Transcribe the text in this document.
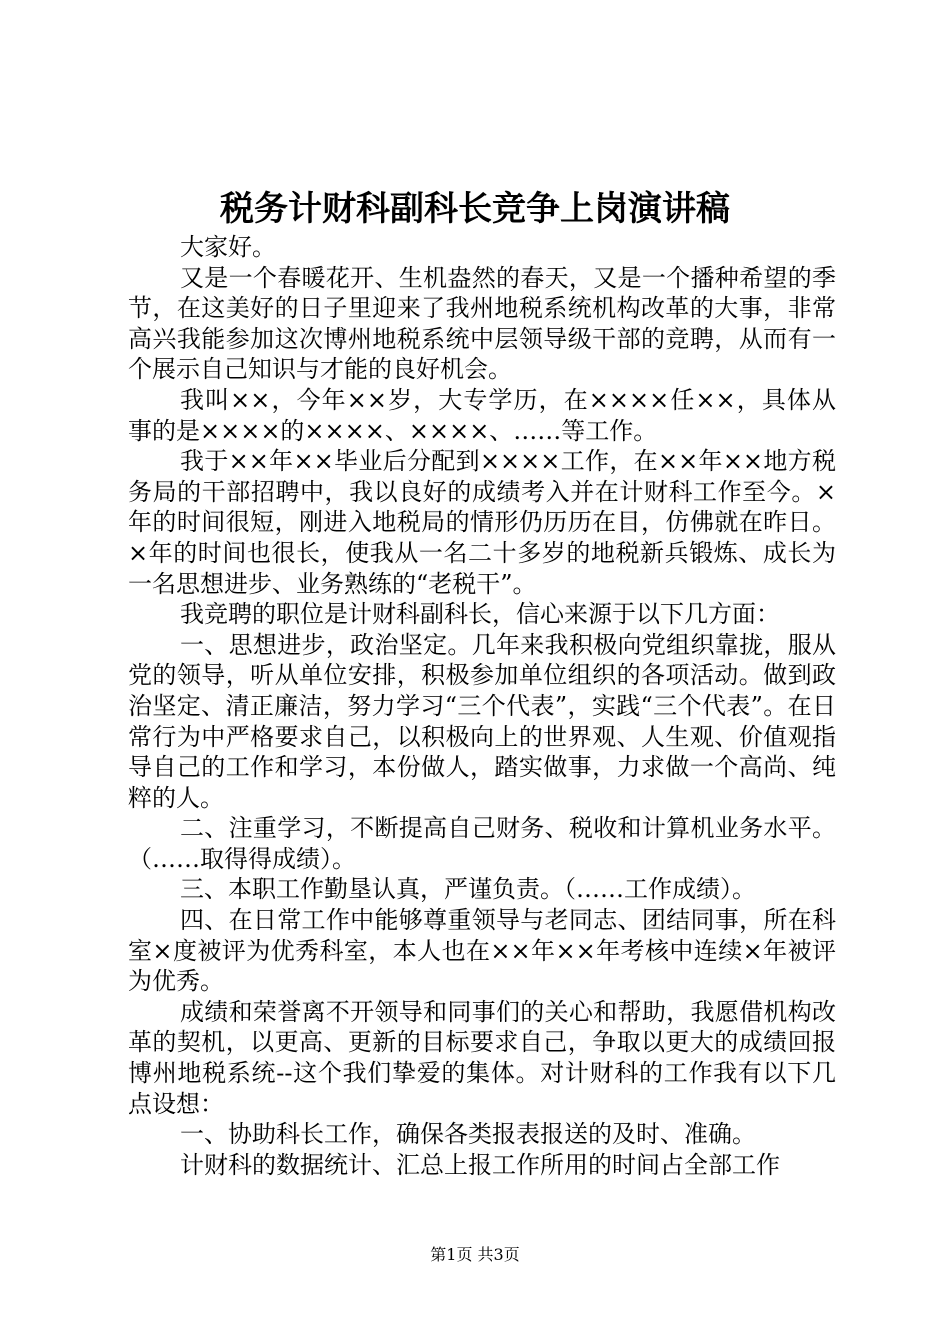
税务计财科副科长竞争上岗演讲稿

大家好。

又是一个春暖花开、生机盎然的春天，又是一个播种希望的季节，在这美好的日子里迎来了我州地税系统机构改革的大事，非常高兴我能参加这次博州地税系统中层领导级干部的竞聘，从而有一个展示自己知识与才能的良好机会。

我叫××，今年××岁，大专学历，在××××任××，具体从事的是××××的××××、××××、……等工作。

我于××年××毕业后分配到××××工作，在××年××地方税务局的干部招聘中，我以良好的成绩考入并在计财科工作至今。×年的时间很短，刚进入地税局的情形仍历历在目，仿佛就在昨日。×年的时间也很长，使我从一名二十多岁的地税新兵锻炼、成长为一名思想进步、业务熟练的“老税干”。

我竞聘的职位是计财科副科长，信心来源于以下几方面：

一、思想进步，政治坚定。几年来我积极向党组织靠拢，服从党的领导，听从单位安排，积极参加单位组织的各项活动。做到政治坚定、清正廉洁，努力学习“三个代表”，实践“三个代表”。在日常行为中严格要求自己，以积极向上的世界观、人生观、价值观指导自己的工作和学习，本份做人，踏实做事，力求做一个高尚、纯粹的人。

二、注重学习，不断提高自己财务、税收和计算机业务水平。（……取得得成绩）。

三、本职工作勤垦认真，严谨负责。（……工作成绩）。

四、在日常工作中能够尊重领导与老同志、团结同事，所在科室×度被评为优秀科室，本人也在××年××年考核中连续×年被评为优秀。

成绩和荣誉离不开领导和同事们的关心和帮助，我愿借机构改革的契机，以更高、更新的目标要求自己，争取以更大的成绩回报博州地税系统--这个我们挚爱的集体。对计财科的工作我有以下几点设想：

一、协助科长工作，确保各类报表报送的及时、准确。

计财科的数据统计、汇总上报工作所用的时间占全部工作

第1页 共3页
